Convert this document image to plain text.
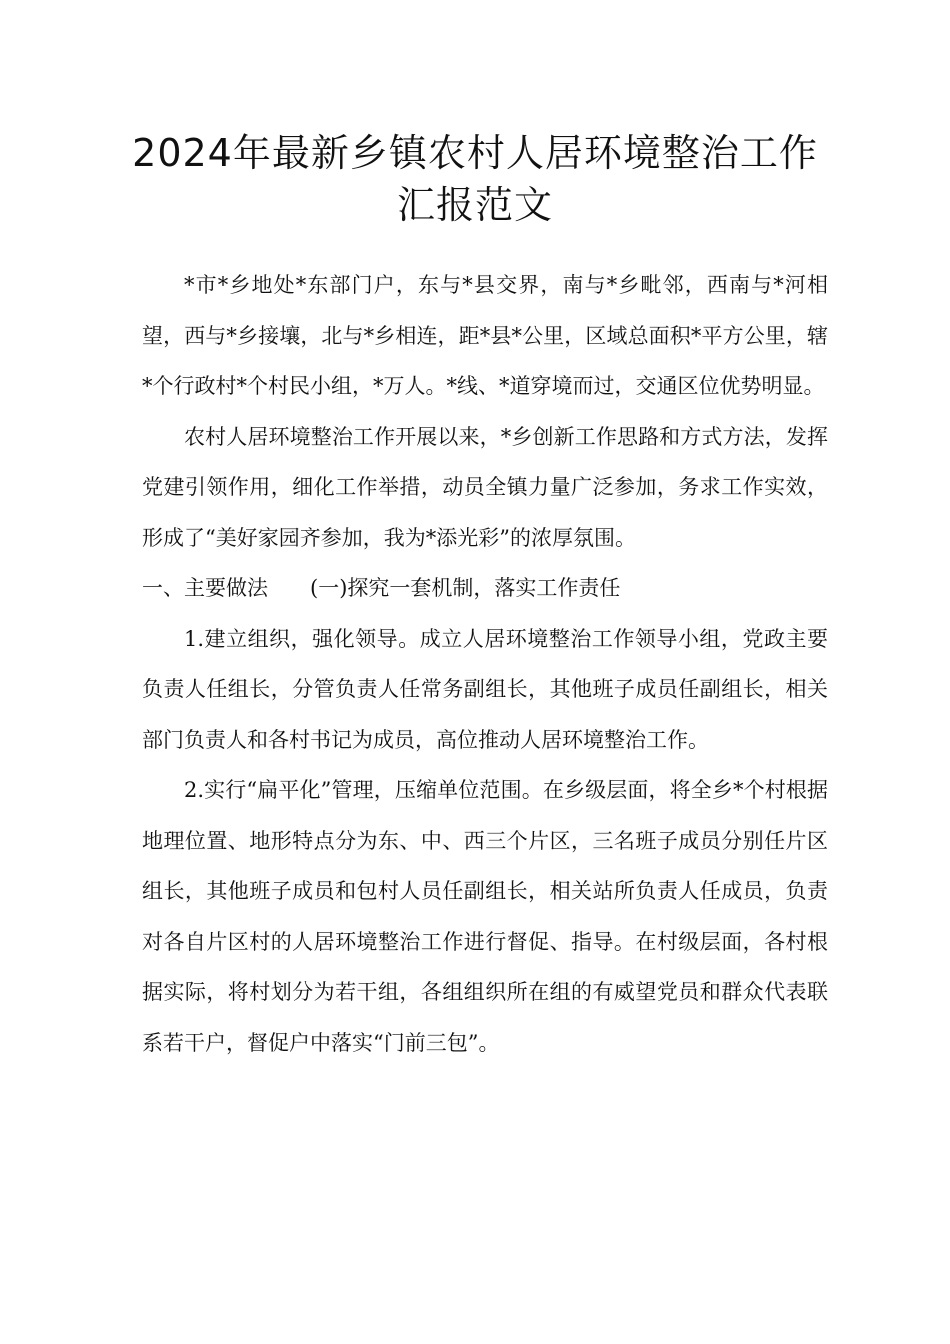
2024年最新乡镇农村人居环境整治工作
汇报范文

*市*乡地处*东部门户，东与*县交界，南与*乡毗邻，西南与*河相望，西与*乡接壤，北与*乡相连，距*县*公里，区域总面积*平方公里，辖*个行政村*个村民小组，*万人。*线、*道穿境而过，交通区位优势明显。

农村人居环境整治工作开展以来，*乡创新工作思路和方式方法，发挥党建引领作用，细化工作举措，动员全镇力量广泛参加，务求工作实效，形成了“美好家园齐参加，我为*添光彩”的浓厚氛围。

一、主要做法 (一)探究一套机制，落实工作责任

1.建立组织，强化领导。成立人居环境整治工作领导小组，党政主要负责人任组长，分管负责人任常务副组长，其他班子成员任副组长，相关部门负责人和各村书记为成员，高位推动人居环境整治工作。

2.实行“扁平化”管理，压缩单位范围。在乡级层面，将全乡*个村根据地理位置、地形特点分为东、中、西三个片区，三名班子成员分别任片区组长，其他班子成员和包村人员任副组长，相关站所负责人任成员，负责对各自片区村的人居环境整治工作进行督促、指导。在村级层面，各村根据实际，将村划分为若干组，各组组织所在组的有威望党员和群众代表联系若干户，督促户中落实“门前三包”。
